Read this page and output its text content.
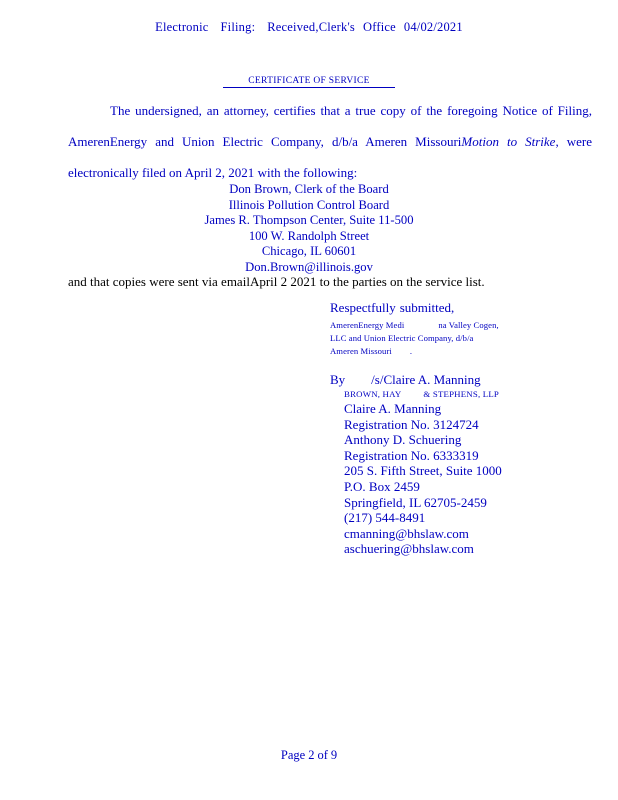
Electronic Filing: Received,Clerk's Office 04/02/2021
CERTIFICATE OF SERVICE
The undersigned, an attorney, certifies that a true copy of the foregoing Notice of Filing, AmerenEnergy and Union Electric Company, d/b/a Ameren MissouriMotion to Strike, were electronically filed on April 2, 2021 with the following:
Don Brown, Clerk of the Board
Illinois Pollution Control Board
James R. Thompson Center, Suite 11-500
100 W. Randolph Street
Chicago, IL 60601
Don.Brown@illinois.gov
and that copies were sent via emailApril 2 2021 to the parties on the service list.
Respectfully submitted,
AmerenEnergy Medi	na Valley Cogen,
LLC and Union Electric Company, d/b/a
Ameren Missouri .
By /s/Claire A. Manning
BROWN, HAY	& STEPHENS, LLP
Claire A. Manning
Registration No. 3124724
Anthony D. Schuering
Registration No. 6333319
205 S. Fifth Street, Suite 1000
P.O. Box 2459
Springfield, IL 62705-2459
(217) 544-8491
cmanning@bhslaw.com
aschuering@bhslaw.com
Page 2 of 9
